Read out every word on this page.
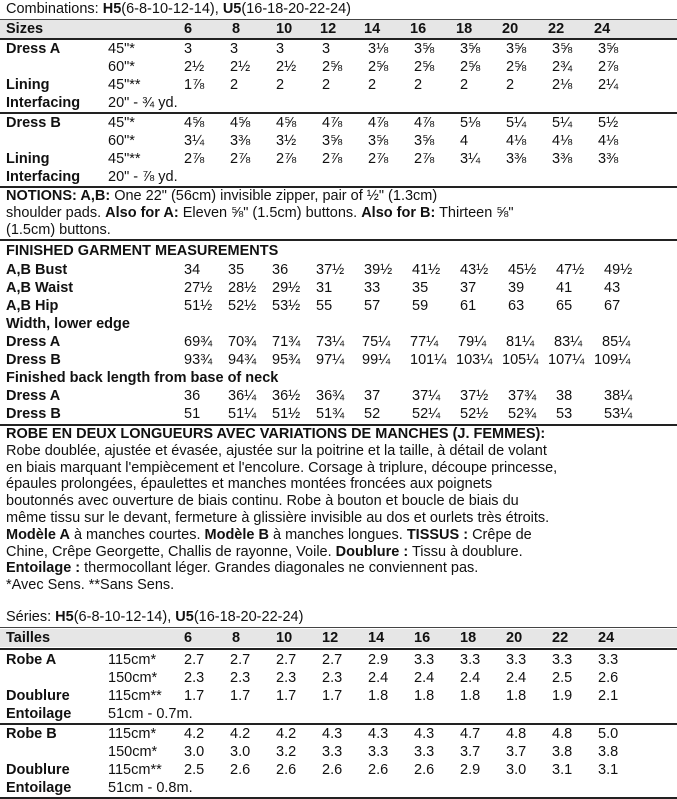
Combinations: H5(6-8-10-12-14), U5(16-18-20-22-24)
Sizes	6	8 10 12 14 16 18 20 22 24
Dress A	45"*	3	3	3	3	3⅛ 3⅝ 3⅝ 3⅝ 3⅝ 3⅝
60"*	2½ 2½ 2½ 2⅝ 2⅝ 2⅝ 2⅝ 2⅝ 2¾ 2⅞
Lining	45"**	1⅞ 2	2	2	2	2	2	2	2⅛ 2¼
Interfacing 20" - ¾ yd.
Dress B	45"*	4⅝ 4⅝ 4⅝ 4⅞ 4⅞ 4⅞ 5⅛ 5¼ 5¼ 5½
60"*	3¼ 3⅜ 3½ 3⅝ 3⅝ 3⅝ 4	4⅛ 4⅛ 4⅛
Lining	45"**	2⅞ 2⅞ 2⅞ 2⅞ 2⅞ 2⅞ 3¼ 3⅜ 3⅜ 3⅜
Interfacing 20" - ⅞ yd.
NOTIONS: A,B: One 22" (56cm) invisible zipper, pair of ½" (1.3cm)
shoulder pads. Also for A: Eleven ⅝" (1.5cm) buttons. Also for B: Thirteen ⅝"
(1.5cm) buttons.
FINISHED GARMENT MEASUREMENTS
A,B Bust	34 35 36 37½ 39½ 41½ 43½ 45½ 47½ 49½
A,B Waist	27½ 28½ 29½ 31 33 35 37 39 41 43
A,B Hip	51½ 52½ 53½ 55 57 59 61 63 65 67
Width, lower edge
Dress A	69¾ 70¾ 71¾ 73¼ 75¼ 77¼ 79¼ 81¼ 83¼ 85¼
Dress B	93¾ 94¾ 95¾ 97¼ 99¼ 101¼ 103¼ 105¼ 107¼ 109¼
Finished back length from base of neck
Dress A	36 36¼ 36½ 36¾ 37 37¼ 37½ 37¾ 38 38¼
Dress B	51 51¼ 51½ 51¾ 52 52¼ 52½ 52¾ 53 53¼
ROBE EN DEUX LONGUEURS AVEC VARIATIONS DE MANCHES (J. FEMMES):
Robe doublée, ajustée et évasée, ajustée sur la poitrine et la taille, à détail de volant
en biais marquant l'empiècement et l'encolure. Corsage à triplure, découpe princesse,
épaules prolongées, épaulettes et manches montées froncées aux poignets
boutonnés avec ouverture de biais continu. Robe à bouton et boucle de biais du
même tissu sur le devant, fermeture à glissière invisible au dos et ourlets très étroits.
Modèle A à manches courtes. Modèle B à manches longues. TISSUS : Crêpe de
Chine, Crêpe Georgette, Challis de rayonne, Voile. Doublure : Tissu à doublure.
Entoilage : thermocollant léger. Grandes diagonales ne conviennent pas.
*Avec Sens. **Sans Sens.
Séries: H5(6-8-10-12-14), U5(16-18-20-22-24)
Tailles	6	8 10 12 14 16 18 20 22 24
Robe A	115cm* 2.7 2.7 2.7 2.7 2.9 3.3 3.3 3.3 3.3 3.3
150cm* 2.3 2.3 2.3 2.3 2.4 2.4 2.4 2.4 2.5 2.6
Doublure	115cm** 1.7 1.7 1.7 1.7 1.8 1.8 1.8 1.8 1.9 2.1
Entoilage	51cm - 0.7m.
Robe B	115cm* 4.2 4.2 4.2 4.3 4.3 4.3 4.7 4.8 4.8 5.0
150cm* 3.0 3.0 3.2 3.3 3.3 3.3 3.7 3.7 3.8 3.8
Doublure	115cm** 2.5 2.6 2.6 2.6 2.6 2.6 2.9 3.0 3.1 3.1
Entoilage	51cm - 0.8m.
